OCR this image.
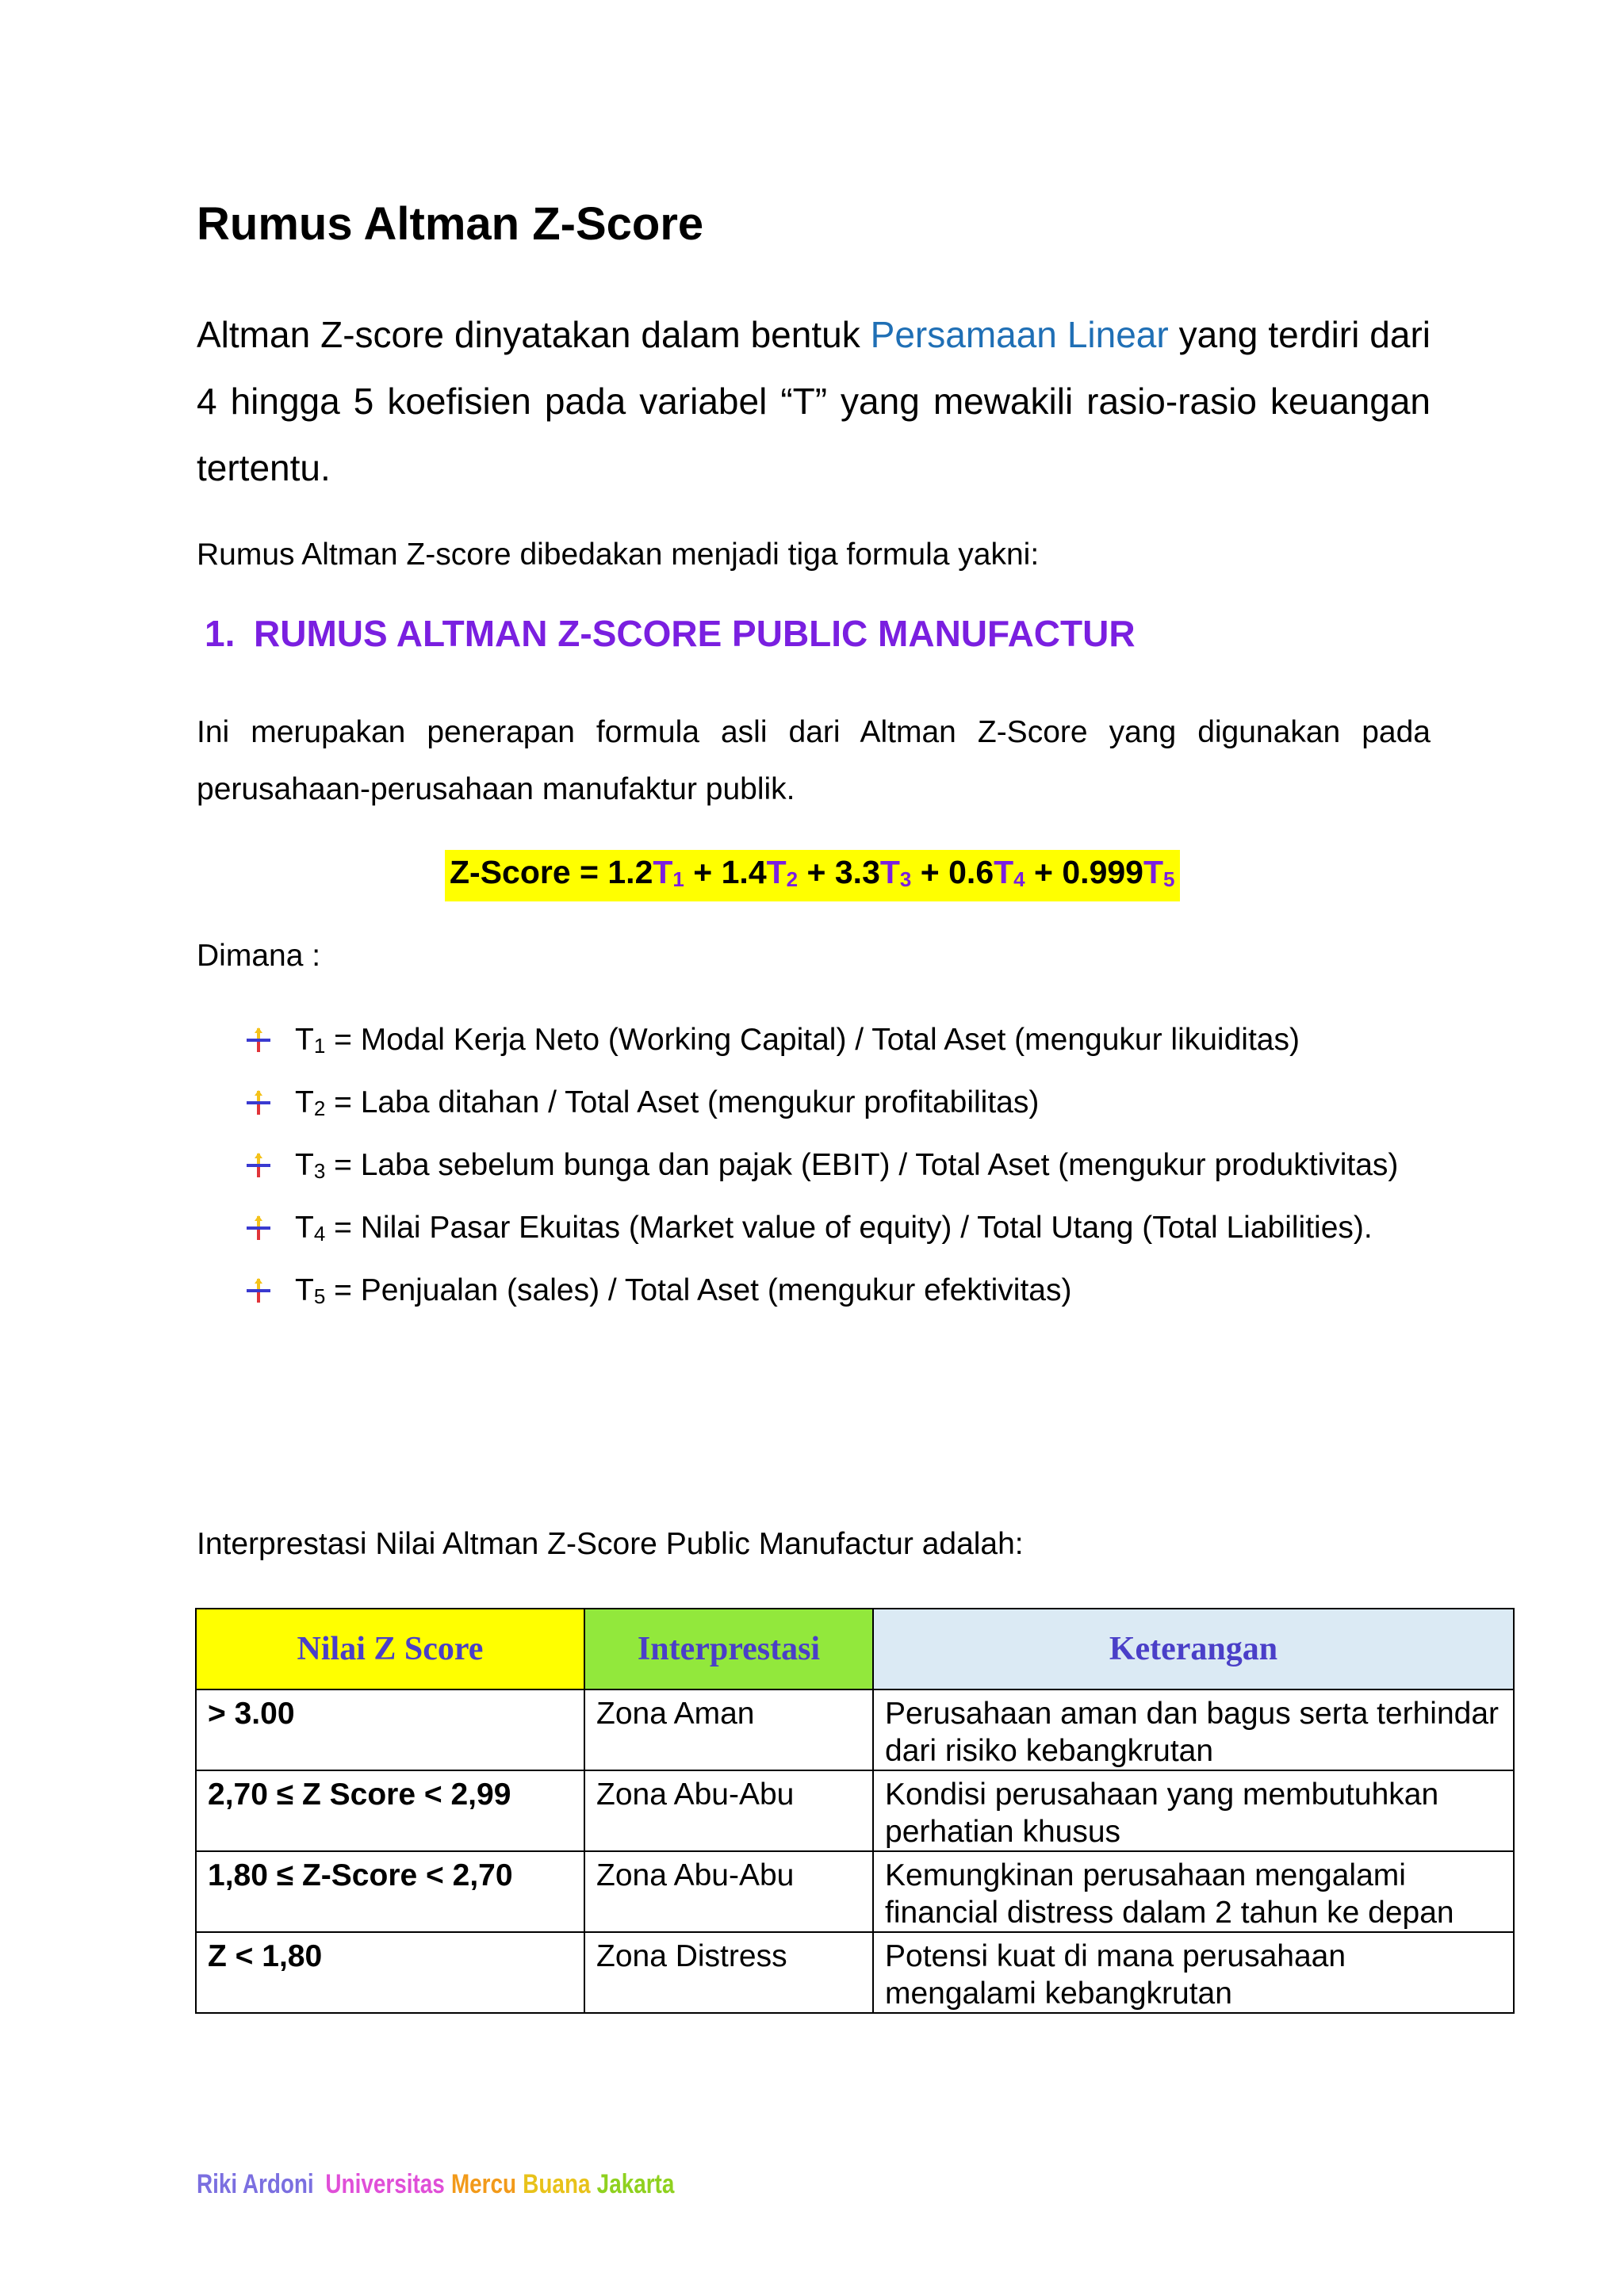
Rumus Altman Z-Score
Altman Z-score dinyatakan dalam bentuk Persamaan Linear yang terdiri dari 4 hingga 5 koefisien pada variabel “T” yang mewakili rasio-rasio keuangan tertentu.
Rumus Altman Z-score dibedakan menjadi tiga formula yakni:
1. RUMUS ALTMAN Z-SCORE PUBLIC MANUFACTUR
Ini merupakan penerapan formula asli dari Altman Z-Score yang digunakan pada perusahaan-perusahaan manufaktur publik.
Z-Score = $1.2T_1 + 1.4T_2 + 3.3T_3 + 0.6T_4 + 0.999T_5$
Dimana :
$T_1$ = Modal Kerja Neto (Working Capital) / Total Aset (mengukur likuiditas)
$T_2$ = Laba ditahan / Total Aset (mengukur profitabilitas)
$T_3$ = Laba sebelum bunga dan pajak (EBIT) / Total Aset (mengukur produktivitas)
$T_4$ = Nilai Pasar Ekuitas (Market value of equity) / Total Utang (Total Liabilities).
$T_5$ = Penjualan (sales) / Total Aset (mengukur efektivitas)
Interprestasi Nilai Altman Z-Score Public Manufactur adalah:
Nilai Z Score	Interprestasi	Keterangan
> 3.00	Zona Aman	Perusahaan aman dan bagus serta terhindar dari risiko kebangkrutan
2,70 ≤ Z Score < 2,99	Zona Abu-Abu	Kondisi perusahaan yang membutuhkan perhatian khusus
1,80 ≤ Z-Score < 2,70	Zona Abu-Abu	Kemungkinan perusahaan mengalami financial distress dalam 2 tahun ke depan
Z < 1,80	Zona Distress	Potensi kuat di mana perusahaan mengalami kebangkrutan
Riki Ardoni Universitas Mercu Buana Jakarta
